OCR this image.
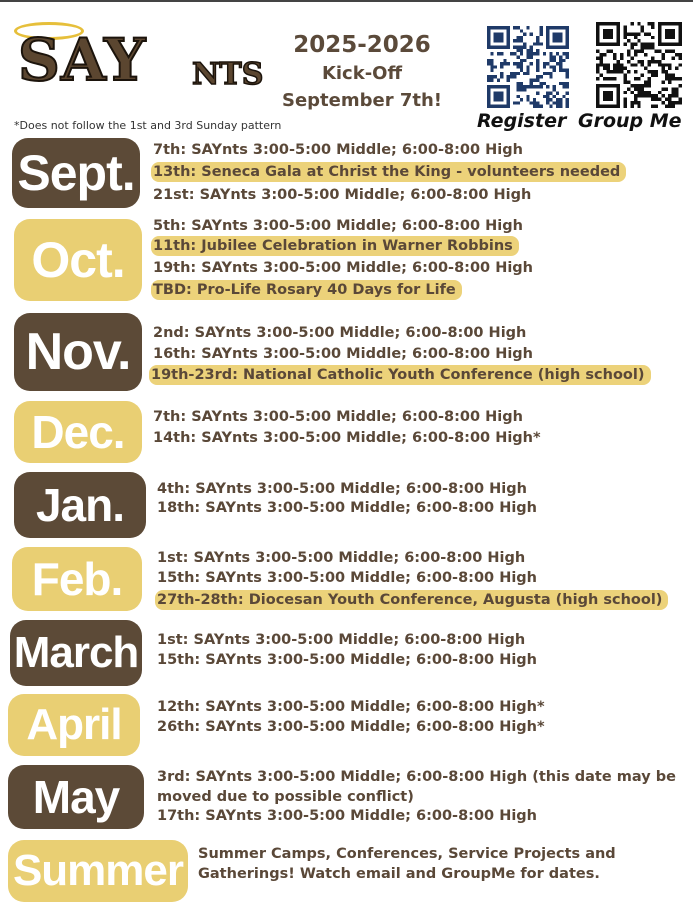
SAY NTS
2025-2026
Kick-Off
September 7th!
Register Group Me
*Does not follow the 1st and 3rd Sunday pattern
Sept.	7th: SAYnts 3:00-5:00 Middle; 6:00-8:00 High
13th: Seneca Gala at Christ the King - volunteers needed
21st: SAYnts 3:00-5:00 Middle; 6:00-8:00 High
Oct.
5th: SAYnts 3:00-5:00 Middle; 6:00-8:00 High
11th: Jubilee Celebration in Warner Robbins
19th: SAYnts 3:00-5:00 Middle; 6:00-8:00 High
TBD: Pro-Life Rosary 40 Days for Life
Nov.	2nd: SAYnts 3:00-5:00 Middle; 6:00-8:00 High
16th: SAYnts 3:00-5:00 Middle; 6:00-8:00 High
19th-23rd: National Catholic Youth Conference (high school)
Dec.	7th: SAYnts 3:00-5:00 Middle; 6:00-8:00 High
14th: SAYnts 3:00-5:00 Middle; 6:00-8:00 High*
Jan.	4th: SAYnts 3:00-5:00 Middle; 6:00-8:00 High
18th: SAYnts 3:00-5:00 Middle; 6:00-8:00 High
Feb.	1st: SAYnts 3:00-5:00 Middle; 6:00-8:00 High
15th: SAYnts 3:00-5:00 Middle; 6:00-8:00 High
27th-28th: Diocesan Youth Conference, Augusta (high school)
March 1st: SAYnts 3:00-5:00 Middle; 6:00-8:00 High
15th: SAYnts 3:00-5:00 Middle; 6:00-8:00 High
April	12th: SAYnts 3:00-5:00 Middle; 6:00-8:00 High*
26th: SAYnts 3:00-5:00 Middle; 6:00-8:00 High*
May	3rd: SAYnts 3:00-5:00 Middle; 6:00-8:00 High (this date may be moved due to possible conflict)
17th: SAYnts 3:00-5:00 Middle; 6:00-8:00 High
Summer	Summer Camps, Conferences, Service Projects and Gatherings! Watch email and GroupMe for dates.
